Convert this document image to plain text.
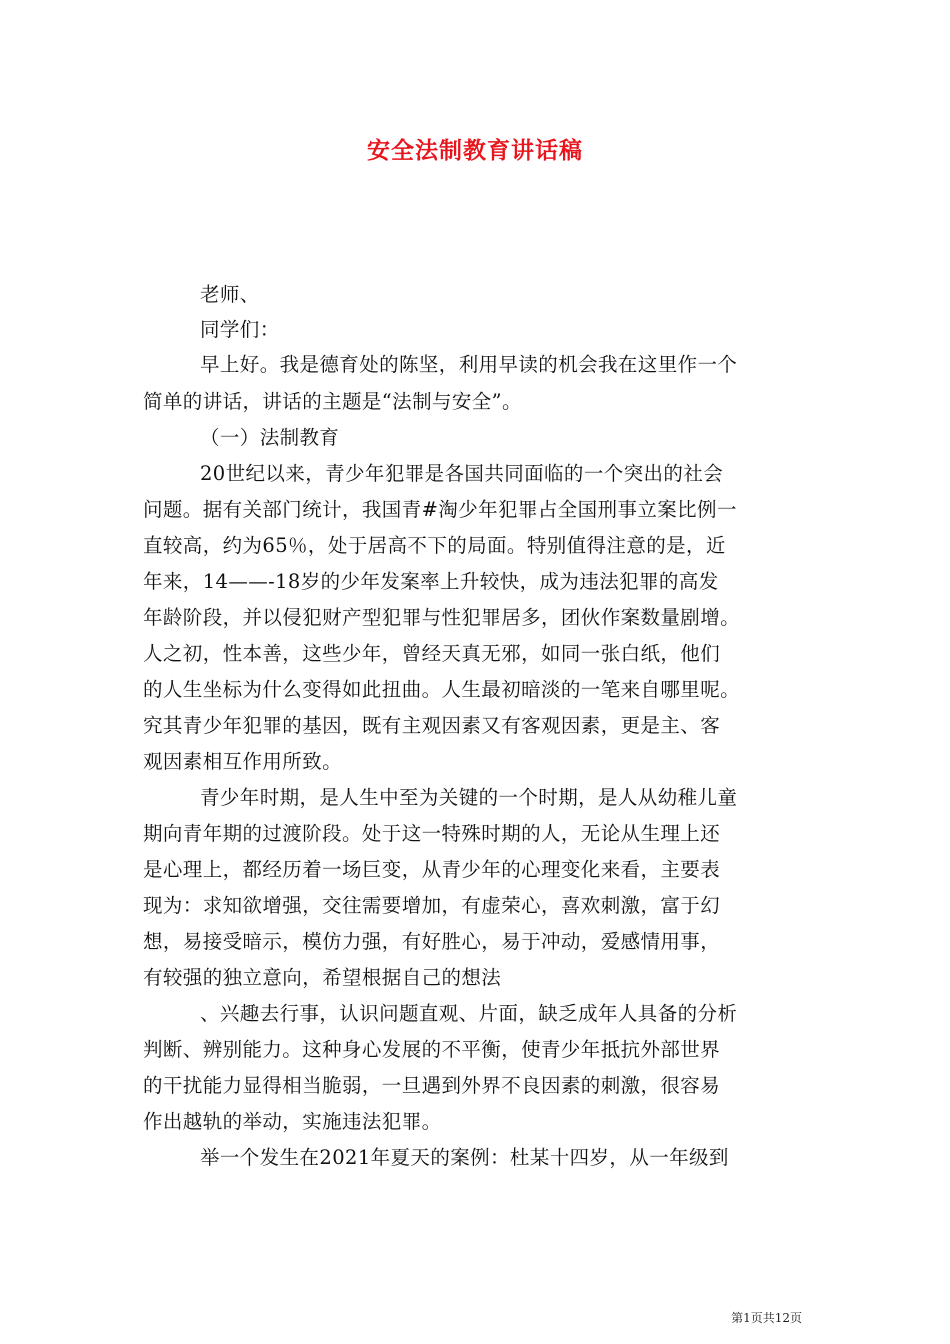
安全法制教育讲话稿
老师、
同学们：
早上好。我是德育处的陈坚，利用早读的机会我在这里作一个
简单的讲话，讲话的主题是“法制与安全”。
（一）法制教育
20世纪以来，青少年犯罪是各国共同面临的一个突出的社会
问题。据有关部门统计，我国青#淘少年犯罪占全国刑事立案比例一
直较高，约为65％，处于居高不下的局面。特别值得注意的是，近
年来，14——-18岁的少年发案率上升较快，成为违法犯罪的高发
年龄阶段，并以侵犯财产型犯罪与性犯罪居多，团伙作案数量剧增。
人之初，性本善，这些少年，曾经天真无邪，如同一张白纸，他们
的人生坐标为什么变得如此扭曲。人生最初暗淡的一笔来自哪里呢。
究其青少年犯罪的基因，既有主观因素又有客观因素，更是主、客
观因素相互作用所致。
青少年时期，是人生中至为关键的一个时期，是人从幼稚儿童
期向青年期的过渡阶段。处于这一特殊时期的人，无论从生理上还
是心理上，都经历着一场巨变，从青少年的心理变化来看，主要表
现为：求知欲增强，交往需要增加，有虚荣心，喜欢刺激，富于幻
想，易接受暗示，模仿力强，有好胜心，易于冲动，爱感情用事，
有较强的独立意向，希望根据自己的想法
、兴趣去行事，认识问题直观、片面，缺乏成年人具备的分析
判断、辨别能力。这种身心发展的不平衡，使青少年抵抗外部世界
的干扰能力显得相当脆弱，一旦遇到外界不良因素的刺激，很容易
作出越轨的举动，实施违法犯罪。
举一个发生在2021年夏天的案例：杜某十四岁，从一年级到
第1页共12页
